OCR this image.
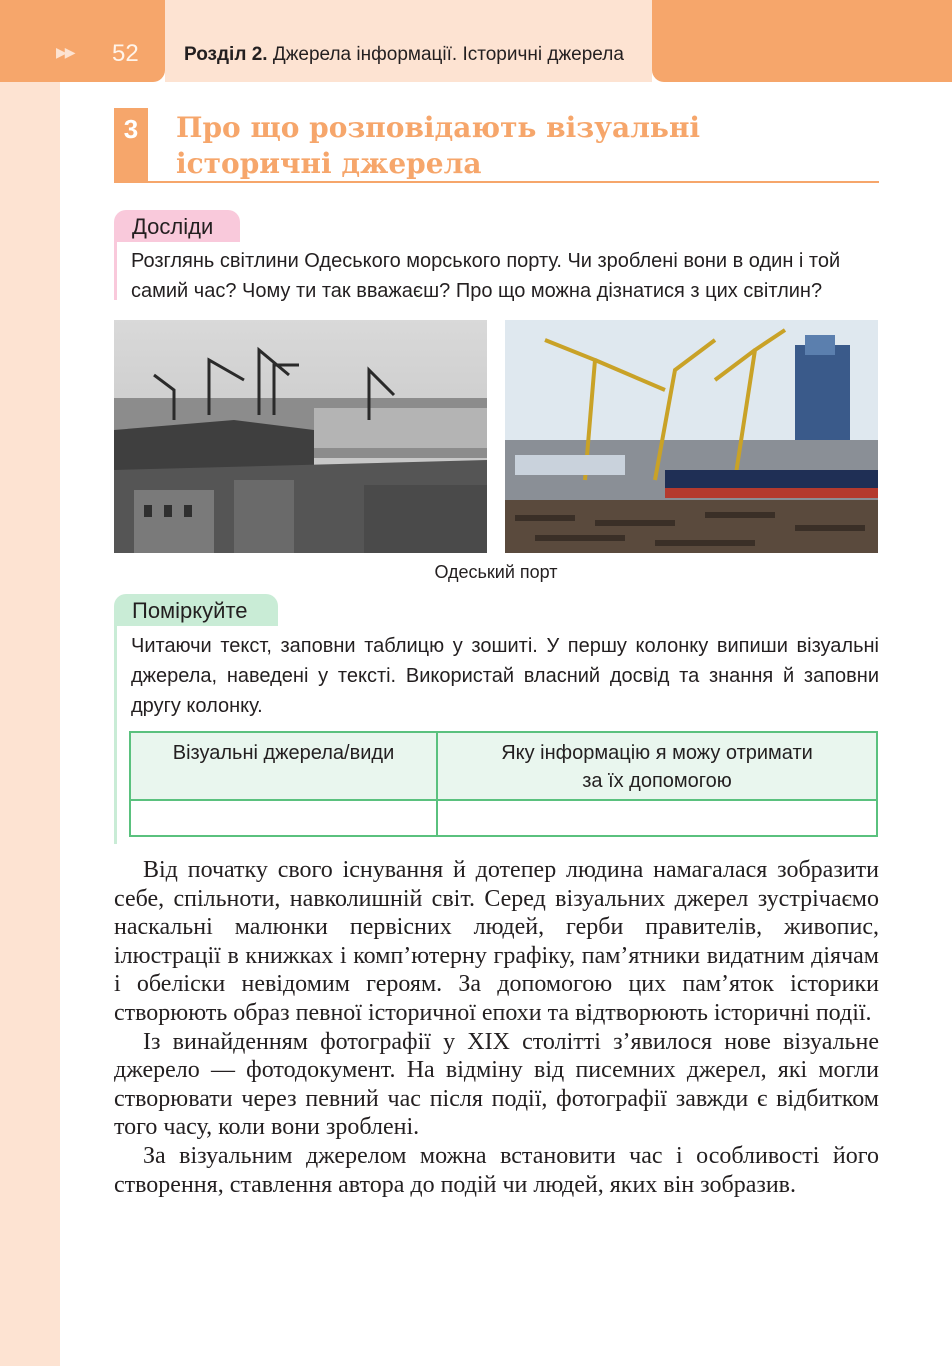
▶▶ 52 Розділ 2. Джерела інформації. Історичні джерела
3	Про що розповідають візуальні
історичні джерела
Досліди
Розглянь світлини Одеського морського порту. Чи зроблені вони в один і той
самий час? Чому ти так вважаєш? Про що можна дізнатися з цих світлин?
Одеський порт
Поміркуйте
Читаючи текст, заповни таблицю у зошиті. У першу колонку випиши візуальні джерела, наведені у тексті. Використай власний досвід та знання й заповни другу колонку.
Візуальні джерела/види	Яку інформацію я можу отримати
за їх допомогою

Від початку свого існування й дотепер людина намагалася зобразити себе, спільноти, навколишній світ. Серед візуальних джерел зустрічаємо наскальні малюнки первісних людей, герби правителів, живопис, ілюстрації в книжках і комп’ютерну графіку, пам’ятники видатним діячам і обеліски невідомим героям. За допомогою цих пам’яток історики створюють образ певної історичної епохи та відтворюють історичні події.

Із винайденням фотографії у XIX столітті з’явилося нове візуальне джерело — фотодокумент. На відміну від писемних джерел, які могли створювати через певний час після події, фотографії завжди є відбитком того часу, коли вони зроблені.

За візуальним джерелом можна встановити час і особливості його створення, ставлення автора до подій чи людей, яких він зобразив.
